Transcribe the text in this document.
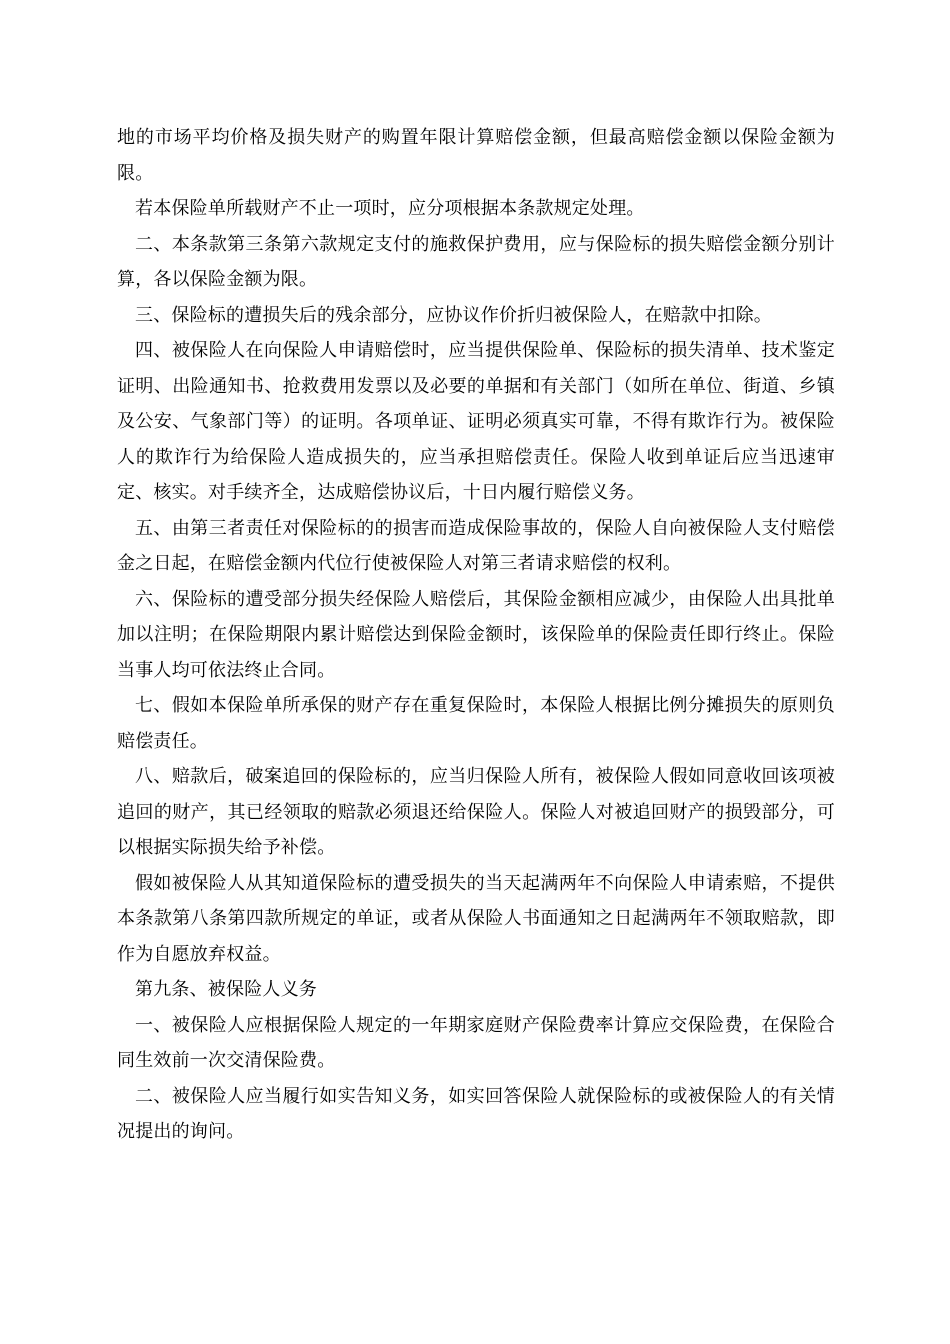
地的市场平均价格及损失财产的购置年限计算赔偿金额，但最高赔偿金额以保险金额为限。

若本保险单所载财产不止一项时，应分项根据本条款规定处理。

二、本条款第三条第六款规定支付的施救保护费用，应与保险标的损失赔偿金额分别计算，各以保险金额为限。

三、保险标的遭损失后的残余部分，应协议作价折归被保险人，在赔款中扣除。

四、被保险人在向保险人申请赔偿时，应当提供保险单、保险标的损失清单、技术鉴定证明、出险通知书、抢救费用发票以及必要的单据和有关部门（如所在单位、街道、乡镇及公安、气象部门等）的证明。各项单证、证明必须真实可靠，不得有欺诈行为。被保险人的欺诈行为给保险人造成损失的，应当承担赔偿责任。保险人收到单证后应当迅速审定、核实。对手续齐全，达成赔偿协议后，十日内履行赔偿义务。

五、由第三者责任对保险标的的损害而造成保险事故的，保险人自向被保险人支付赔偿金之日起，在赔偿金额内代位行使被保险人对第三者请求赔偿的权利。

六、保险标的遭受部分损失经保险人赔偿后，其保险金额相应减少，由保险人出具批单加以注明；在保险期限内累计赔偿达到保险金额时，该保险单的保险责任即行终止。保险当事人均可依法终止合同。

七、假如本保险单所承保的财产存在重复保险时，本保险人根据比例分摊损失的原则负赔偿责任。

八、赔款后，破案追回的保险标的，应当归保险人所有，被保险人假如同意收回该项被追回的财产，其已经领取的赔款必须退还给保险人。保险人对被追回财产的损毁部分，可以根据实际损失给予补偿。

假如被保险人从其知道保险标的遭受损失的当天起满两年不向保险人申请索赔，不提供本条款第八条第四款所规定的单证，或者从保险人书面通知之日起满两年不领取赔款，即作为自愿放弃权益。

第九条、被保险人义务

一、被保险人应根据保险人规定的一年期家庭财产保险费率计算应交保险费，在保险合同生效前一次交清保险费。

二、被保险人应当履行如实告知义务，如实回答保险人就保险标的或被保险人的有关情况提出的询问。
